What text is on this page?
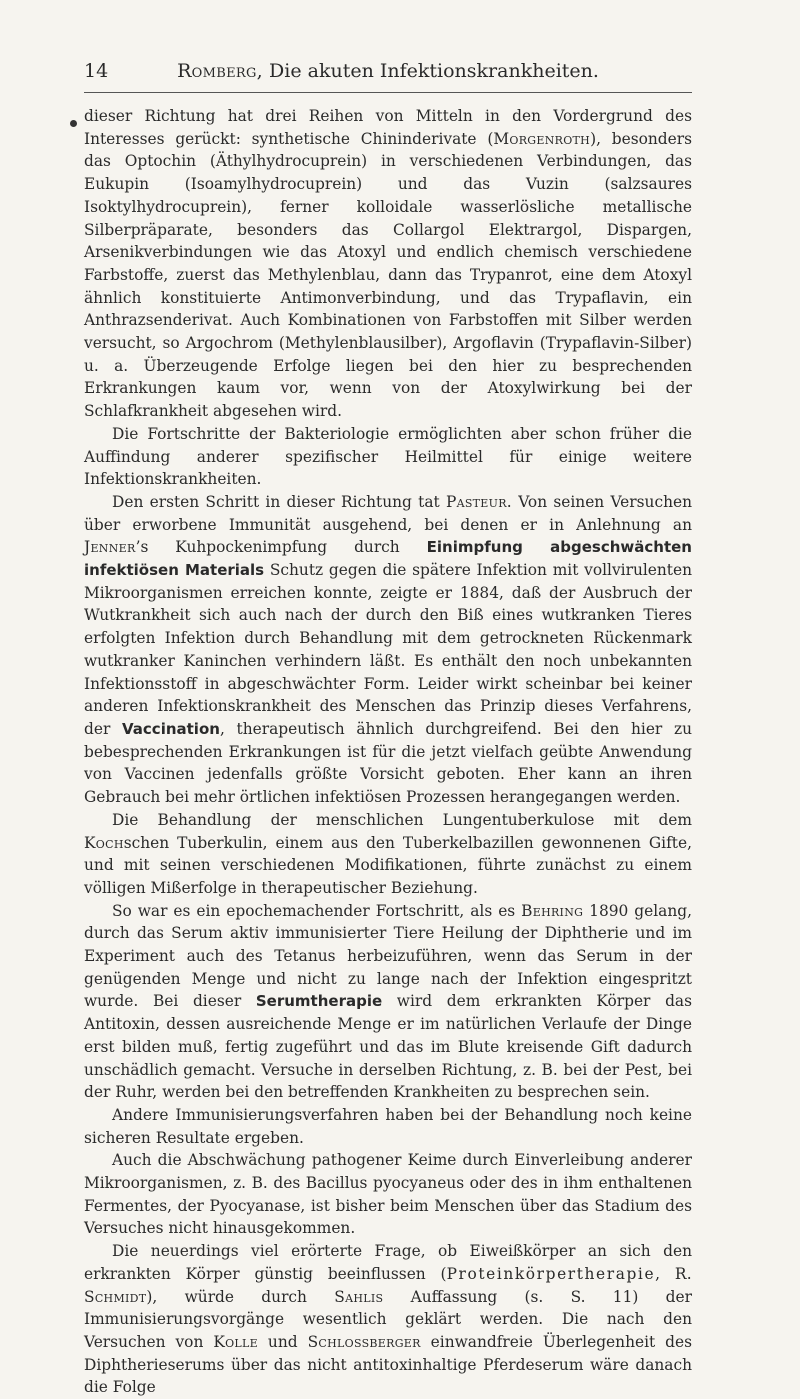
14	Romberg, Die akuten Infektionskrankheiten.

dieser Richtung hat drei Reihen von Mitteln in den Vordergrund des Interesses gerückt: synthetische Chininderivate (Morgenroth), besonders das Optochin (Äthylhydrocuprein) in verschiedenen Verbindungen, das Eukupin (Isoamylhydrocuprein) und das Vuzin (salzsaures Isoktylhydrocuprein), ferner kolloidale wasserlösliche metallische Silberpräparate, besonders das Collargol Elektrargol, Dispargen, Arsenikverbindungen wie das Atoxyl und endlich chemisch verschiedene Farbstoffe, zuerst das Methylenblau, dann das Trypanrot, eine dem Atoxyl ähnlich konstituierte Antimonverbindung, und das Trypaflavin, ein Anthrazsenderivat. Auch Kombinationen von Farbstoffen mit Silber werden versucht, so Argochrom (Methylenblausilber), Argoflavin (Trypaflavin-Silber) u. a. Überzeugende Erfolge liegen bei den hier zu besprechenden Erkrankungen kaum vor, wenn von der Atoxylwirkung bei der Schlafkrankheit abgesehen wird.

Die Fortschritte der Bakteriologie ermöglichten aber schon früher die Auffindung anderer spezifischer Heilmittel für einige weitere Infektionskrankheiten.

Den ersten Schritt in dieser Richtung tat Pasteur. Von seinen Versuchen über erworbene Immunität ausgehend, bei denen er in Anlehnung an Jenner’s Kuhpockenimpfung durch Einimpfung abgeschwächten infektiösen Materials Schutz gegen die spätere Infektion mit vollvirulenten Mikroorganismen erreichen konnte, zeigte er 1884, daß der Ausbruch der Wutkrankheit sich auch nach der durch den Biß eines wutkranken Tieres erfolgten Infektion durch Behandlung mit dem getrockneten Rückenmark wutkranker Kaninchen verhindern läßt. Es enthält den noch unbekannten Infektionsstoff in abgeschwächter Form. Leider wirkt scheinbar bei keiner anderen Infektionskrankheit des Menschen das Prinzip dieses Verfahrens, der Vaccination, therapeutisch ähnlich durchgreifend. Bei den hier zu bebesprechenden Erkrankungen ist für die jetzt vielfach geübte Anwendung von Vaccinen jedenfalls größte Vorsicht geboten. Eher kann an ihren Gebrauch bei mehr örtlichen infektiösen Prozessen herangegangen werden.

Die Behandlung der menschlichen Lungentuberkulose mit dem Kochschen Tuberkulin, einem aus den Tuberkelbazillen gewonnenen Gifte, und mit seinen verschiedenen Modifikationen, führte zunächst zu einem völligen Mißerfolge in therapeutischer Beziehung.

So war es ein epochemachender Fortschritt, als es Behring 1890 gelang, durch das Serum aktiv immunisierter Tiere Heilung der Diphtherie und im Experiment auch des Tetanus herbeizuführen, wenn das Serum in der genügenden Menge und nicht zu lange nach der Infektion eingespritzt wurde. Bei dieser Serumtherapie wird dem erkrankten Körper das Antitoxin, dessen ausreichende Menge er im natürlichen Verlaufe der Dinge erst bilden muß, fertig zugeführt und das im Blute kreisende Gift dadurch unschädlich gemacht. Versuche in derselben Richtung, z. B. bei der Pest, bei der Ruhr, werden bei den betreffenden Krankheiten zu besprechen sein.

Andere Immunisierungsverfahren haben bei der Behandlung noch keine sicheren Resultate ergeben.

Auch die Abschwächung pathogener Keime durch Einverleibung anderer Mikroorganismen, z. B. des Bacillus pyocyaneus oder des in ihm enthaltenen Fermentes, der Pyocyanase, ist bisher beim Menschen über das Stadium des Versuches nicht hinausgekommen.

Die neuerdings viel erörterte Frage, ob Eiweißkörper an sich den erkrankten Körper günstig beeinflussen (Proteinkörpertherapie, R. Schmidt), würde durch Sahlis Auffassung (s. S. 11) der Immunisierungsvorgänge wesentlich geklärt werden. Die nach den Versuchen von Kolle und Schlossberger einwandfreie Überlegenheit des Diphtherieserums über das nicht antitoxinhaltige Pferdeserum wäre danach die Folge
